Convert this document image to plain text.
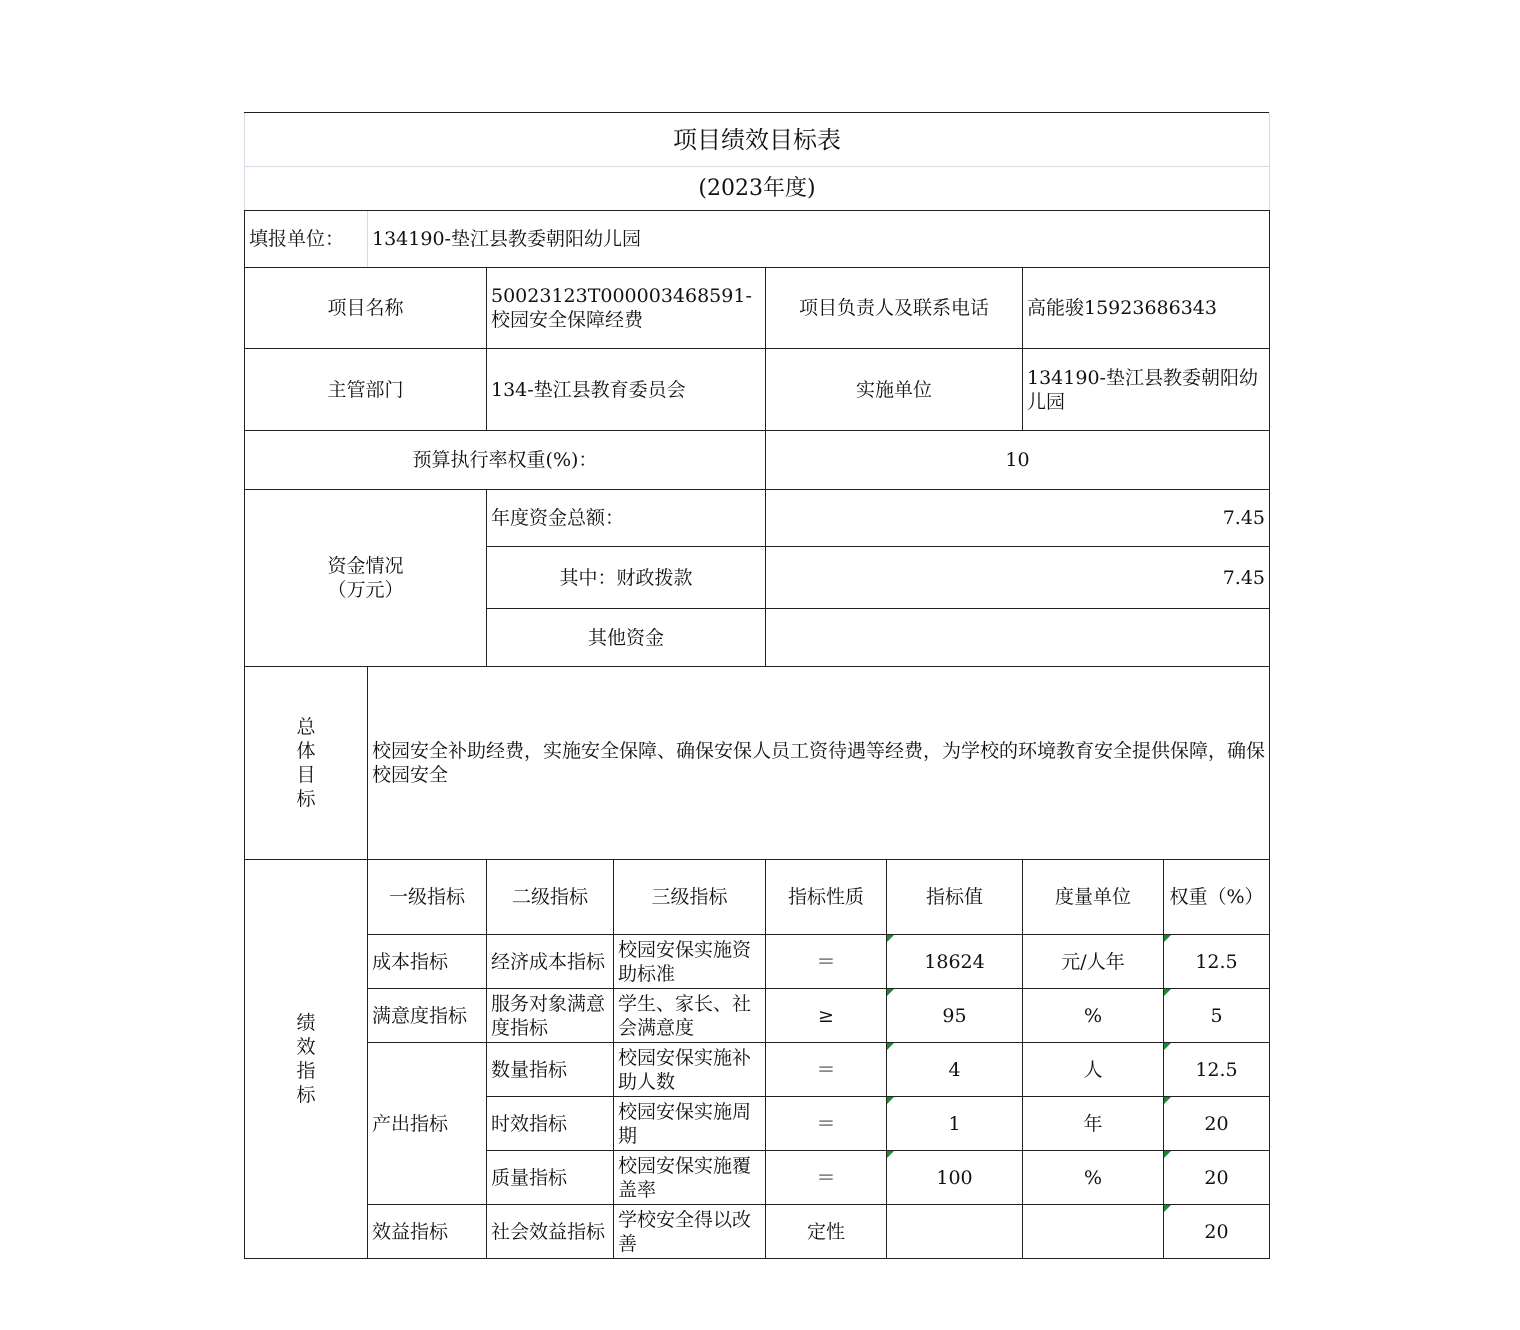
项目绩效目标表							
(2023年度)							
填报单位：	134190-垫江县教委朝阳幼儿园						
项目名称		50023123T000003468591-校园安全保障经费		项目负责人及联系电话		高能骏15923686343	
主管部门		134-垫江县教育委员会		实施单位		134190-垫江县教委朝阳幼儿园	
预算执行率权重(%)：				10			

资金情况
（万元）		年度资金总额：		7.45			
		其中：财政拨款		7.45			
		其他资金					

总
体
目
标	校园安全补助经费，实施安全保障、确保安保人员工资待遇等经费，为学校的环境教育安全提供保障，确保校园安全						

绩
效
指
标	一级指标	二级指标	三级指标	指标性质	指标值	度量单位	权重（%）
	成本指标	经济成本指标	校园安保实施资助标准	＝	18624	元/人年	12.5
	满意度指标	服务对象满意度指标	学生、家长、社会满意度	≥	95	%	5
	产出指标	数量指标	校园安保实施补助人数	＝	4	人	12.5
		时效指标	校园安保实施周期	＝	1	年	20
		质量指标	校园安保实施覆盖率	＝	100	%	20
	效益指标	社会效益指标	学校安全得以改善	定性			20
